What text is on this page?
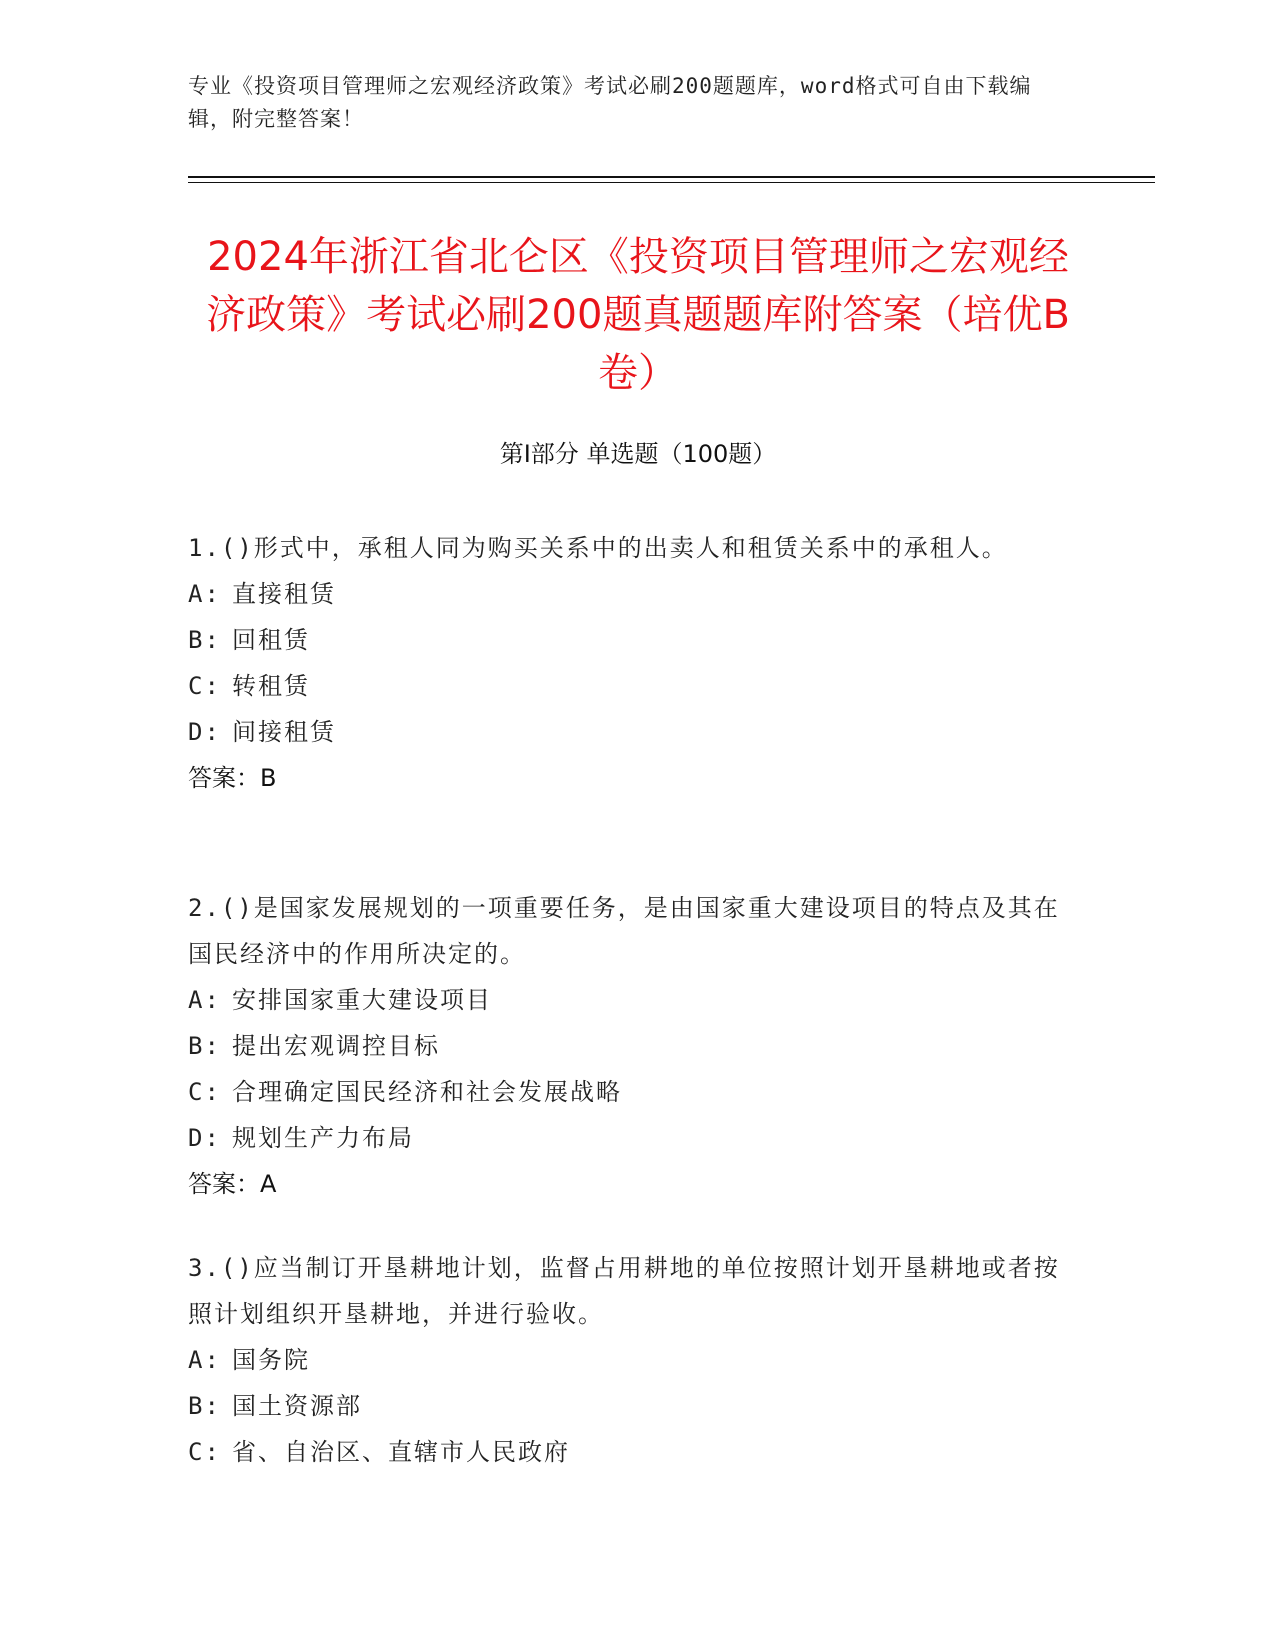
专业《投资项目管理师之宏观经济政策》考试必刷200题题库，word格式可自由下载编辑，附完整答案！
2024年浙江省北仑区《投资项目管理师之宏观经济政策》考试必刷200题真题题库附答案（培优B卷）
第Ⅰ部分 单选题（100题）
1.()形式中，承租人同为购买关系中的出卖人和租赁关系中的承租人。
A: 直接租赁
B: 回租赁
C: 转租赁
D: 间接租赁
答案：B
2.()是国家发展规划的一项重要任务，是由国家重大建设项目的特点及其在国民经济中的作用所决定的。
A: 安排国家重大建设项目
B: 提出宏观调控目标
C: 合理确定国民经济和社会发展战略
D: 规划生产力布局
答案：A
3.()应当制订开垦耕地计划，监督占用耕地的单位按照计划开垦耕地或者按照计划组织开垦耕地，并进行验收。
A: 国务院
B: 国土资源部
C: 省、自治区、直辖市人民政府
